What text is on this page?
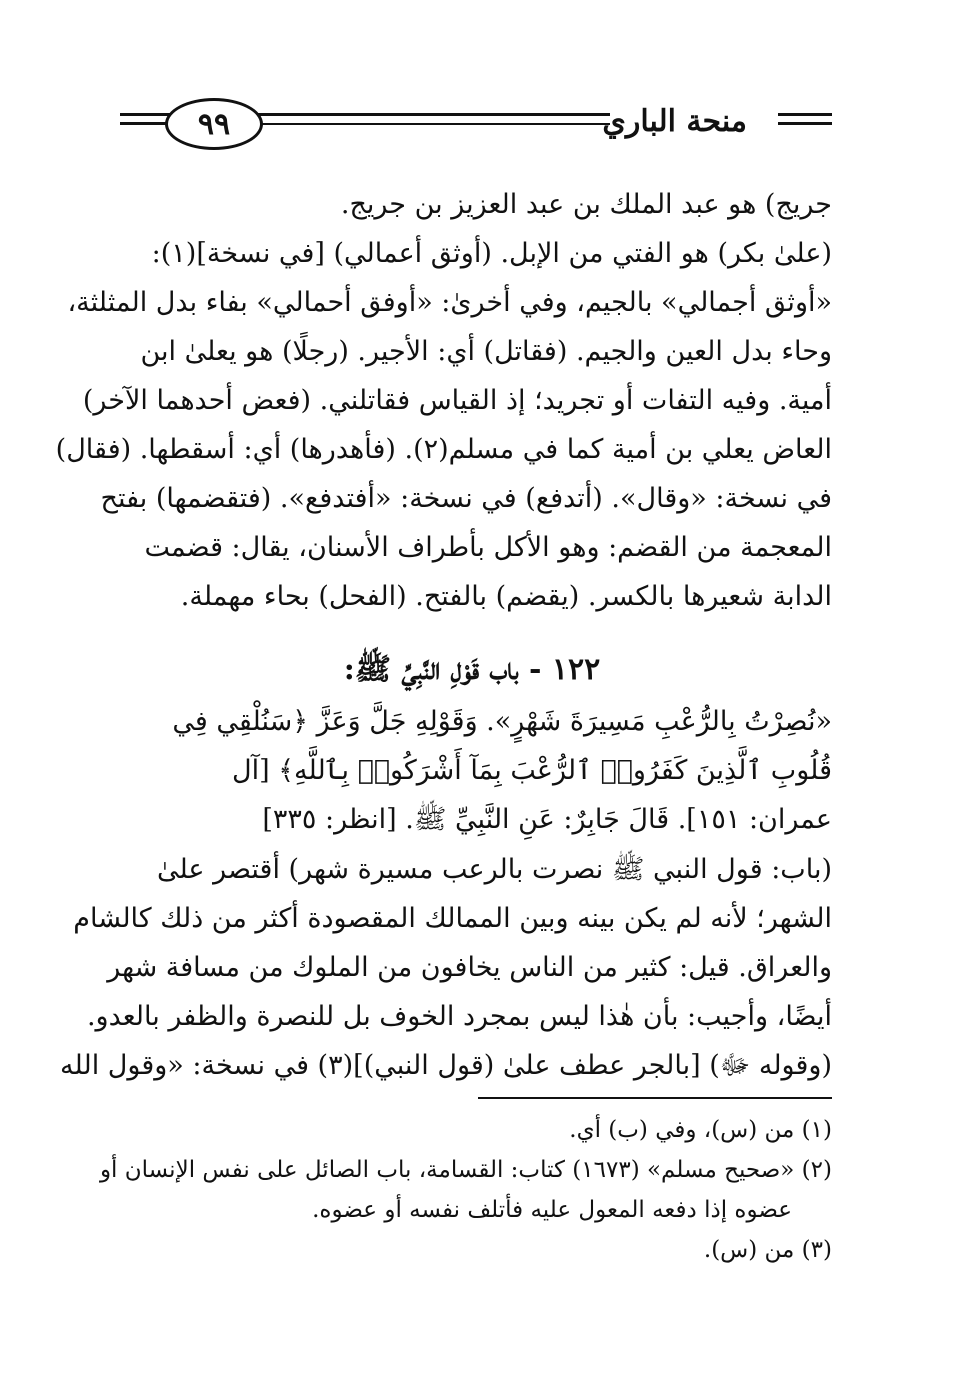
٩٩	منحة الباري
جريج) هو عبد الملك بن عبد العزيز بن جريج.
(علىٰ بكر) هو الفتي من الإبل. (أوثق أعمالي) [في نسخة](١):
«أوثق أجمالي» بالجيم، وفي أخرىٰ: «أوفق أحمالي» بفاء بدل المثلثة،
وحاء بدل العين والجيم. (فقاتل) أي: الأجير. (رجلًا) هو يعلىٰ ابن
أمية. وفيه التفات أو تجريد؛ إذ القياس فقاتلني. (فعض أحدهما الآخر)
العاض يعلي بن أمية كما في مسلم(٢). (فأهدرها) أي: أسقطها. (فقال)
في نسخة: «وقال». (أتدفع) في نسخة: «أفتدفع». (فتقضمها) بفتح
المعجمة من القضم: وهو الأكل بأطراف الأسنان، يقال: قضمت
الدابة شعيرها بالكسر. (يقضم) بالفتح. (الفحل) بحاء مهملة.
١٢٢ - باب قَوْلِ النَّبِيِّ ﷺ:
«نُصِرْتُ بِالرُّعْبِ مَسِيرَةَ شَهْرٍ». وَقَوْلِهِ جَلَّ وَعَزَّ ﴿سَنُلْقِي فِي
قُلُوبِ ٱلَّذِينَ كَفَرُوا۟ ٱلرُّعْبَ بِمَآ أَشْرَكُوا۟ بِٱللَّهِ﴾ [آل
عمران: ١٥١]. قَالَ جَابِرٌ: عَنِ النَّبِيِّ ﷺ. [انظر: ٣٣٥]
(باب: قول النبي ﷺ نصرت بالرعب مسيرة شهر) أقتصر علىٰ
الشهر؛ لأنه لم يكن بينه وبين الممالك المقصودة أكثر من ذلك كالشام
والعراق. قيل: كثير من الناس يخافون من الملوك من مسافة شهر
أيضًا، وأجيب: بأن هٰذا ليس بمجرد الخوف بل للنصرة والظفر بالعدو.
(وقوله ﷻ) [بالجر عطف علىٰ (قول النبي)](٣) في نسخة: «وقول الله
(١) من (س)، وفي (ب) أي.
(٢) «صحيح مسلم» (١٦٧٣) كتاب: القسامة، باب الصائل على نفس الإنسان أو
عضوه إذا دفعه المعول عليه فأتلف نفسه أو عضوه.
(٣) من (س).
